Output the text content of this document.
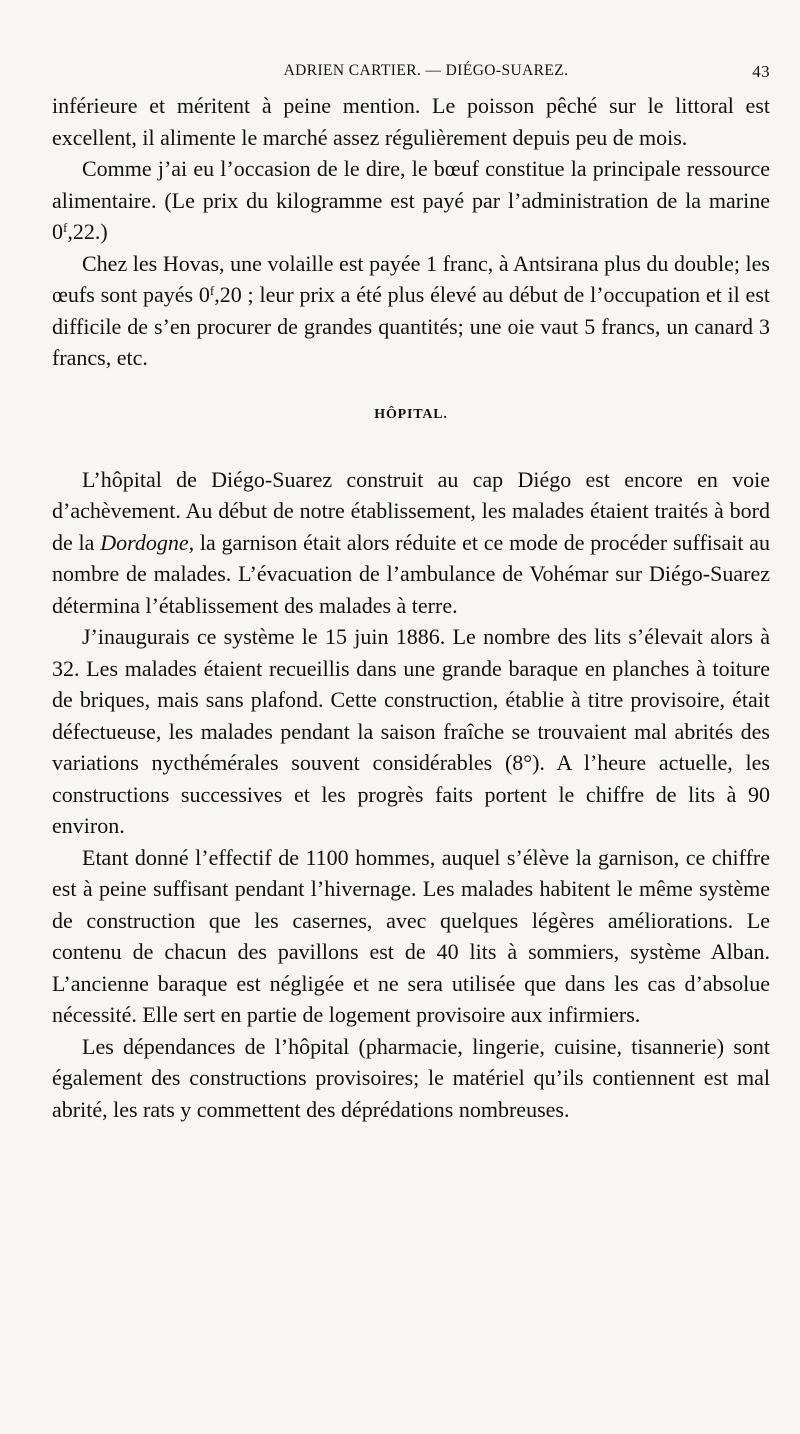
ADRIEN CARTIER. — DIÉGO-SUAREZ.	43

inférieure et méritent à peine mention. Le poisson pêché sur le littoral est excellent, il alimente le marché assez régulièrement depuis peu de mois.

Comme j’ai eu l’occasion de le dire, le bœuf constitue la principale ressource alimentaire. (Le prix du kilogramme est payé par l’administration de la marine 0$^f$,22.)

Chez les Hovas, une volaille est payée 1 franc, à Antsirana plus du double; les œufs sont payés 0$^f$,20 ; leur prix a été plus élevé au début de l’occupation et il est difficile de s’en procurer de grandes quantités; une oie vaut 5 francs, un canard 3 francs, etc.

HÔPITAL.

L’hôpital de Diégo-Suarez construit au cap Diégo est encore en voie d’achèvement. Au début de notre établissement, les malades étaient traités à bord de la Dordogne, la garnison était alors réduite et ce mode de procéder suffisait au nombre de malades. L’évacuation de l’ambulance de Vohémar sur Diégo-Suarez détermina l’établissement des malades à terre.

J’inaugurais ce système le 15 juin 1886. Le nombre des lits s’élevait alors à 32. Les malades étaient recueillis dans une grande baraque en planches à toiture de briques, mais sans plafond. Cette construction, établie à titre provisoire, était défectueuse, les malades pendant la saison fraîche se trouvaient mal abrités des variations nycthémérales souvent considérables (8°). A l’heure actuelle, les constructions successives et les progrès faits portent le chiffre de lits à 90 environ.

Etant donné l’effectif de 1100 hommes, auquel s’élève la garnison, ce chiffre est à peine suffisant pendant l’hivernage. Les malades habitent le même système de construction que les casernes, avec quelques légères améliorations. Le contenu de chacun des pavillons est de 40 lits à sommiers, système Alban. L’ancienne baraque est négligée et ne sera utilisée que dans les cas d’absolue nécessité. Elle sert en partie de logement provisoire aux infirmiers.

Les dépendances de l’hôpital (pharmacie, lingerie, cuisine, tisannerie) sont également des constructions provisoires; le matériel qu’ils contiennent est mal abrité, les rats y commettent des déprédations nombreuses.
